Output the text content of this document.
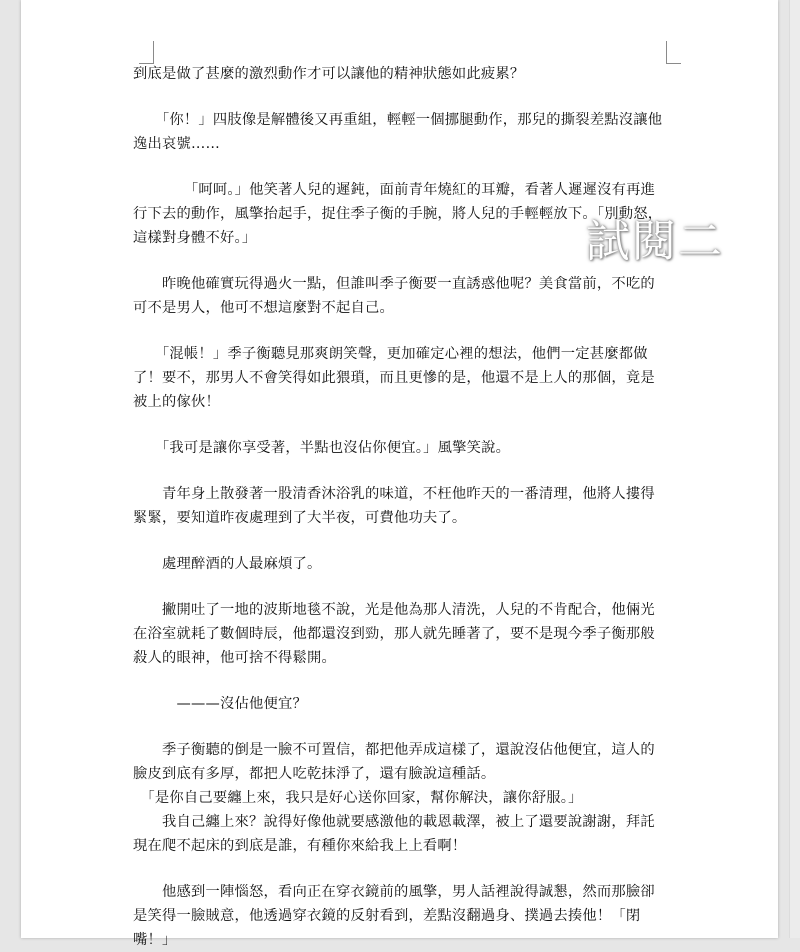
到底是做了甚麼的激烈動作才可以讓他的精神狀態如此疲累？

　　「你！」四肢像是解體後又再重組，輕輕一個挪腿動作，那兒的撕裂差點沒讓他逸出哀號……

　　　　「呵呵。」他笑著人兒的遲鈍，面前青年燒紅的耳瓣，看著人遲遲沒有再進行下去的動作，風擎抬起手，捉住季子衡的手腕，將人兒的手輕輕放下。「別動怒，這樣對身體不好。」

　　昨晚他確實玩得過火一點，但誰叫季子衡要一直誘惑他呢？美食當前，不吃的可不是男人，他可不想這麼對不起自己。

　　「混帳！」季子衡聽見那爽朗笑聲，更加確定心裡的想法，他們一定甚麼都做了！要不，那男人不會笑得如此猥瑣，而且更慘的是，他還不是上人的那個，竟是被上的傢伙！

　　「我可是讓你享受著，半點也沒佔你便宜。」風擎笑說。

　　青年身上散發著一股清香沐浴乳的味道，不枉他昨天的一番清理，他將人摟得緊緊，要知道昨夜處理到了大半夜，可費他功夫了。

　　處理醉酒的人最麻煩了。

　　撇開吐了一地的波斯地毯不說，光是他為那人清洗，人兒的不肯配合，他倆光在浴室就耗了數個時辰，他都還沒到勁，那人就先睡著了，要不是現今季子衡那般殺人的眼神，他可捨不得鬆開。

　　　———沒佔他便宜？

　　季子衡聽的倒是一臉不可置信，都把他弄成這樣了，還說沒佔他便宜，這人的臉皮到底有多厚，都把人吃乾抹淨了，還有臉說這種話。

　「是你自己要纏上來，我只是好心送你回家，幫你解決，讓你舒服。」

　　我自己纏上來？說得好像他就要感激他的載恩載澤，被上了還要說謝謝，拜託現在爬不起床的到底是誰，有種你來給我上上看啊！

　　他感到一陣惱怒，看向正在穿衣鏡前的風擎，男人話裡說得誠懇，然而那臉卻是笑得一臉賊意，他透過穿衣鏡的反射看到，差點沒翻過身、撲過去揍他！「閉嘴！」

試閱二
